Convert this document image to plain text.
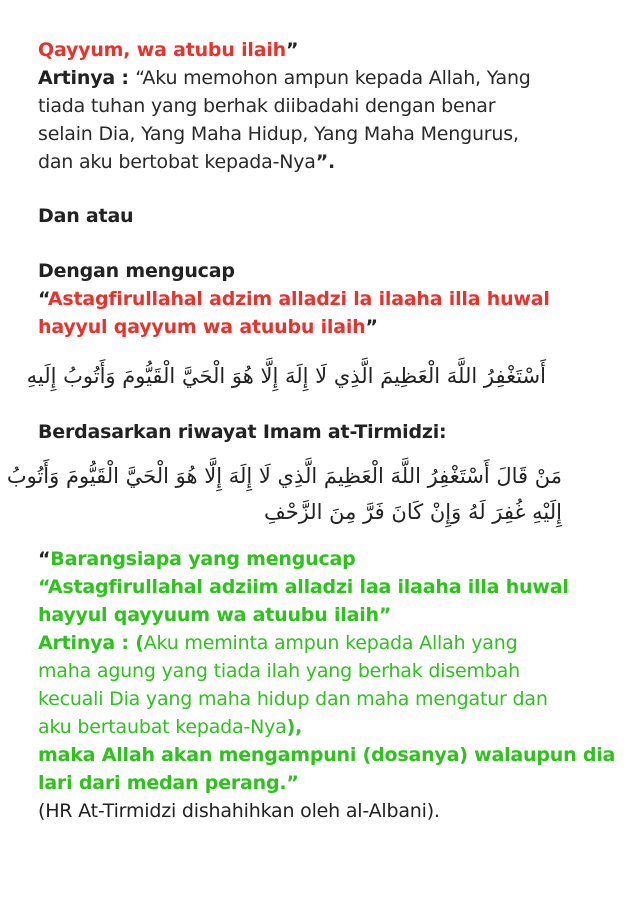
Qayyum, wa atubu ilaih”
Artinya : “Aku memohon ampun kepada Allah, Yang
tiada tuhan yang berhak diibadahi dengan benar
selain Dia, Yang Maha Hidup, Yang Maha Mengurus,
dan aku bertobat kepada-Nya”.
Dan atau
Dengan mengucap
“Astagfirullahal adzim alladzi la ilaaha illa huwal
hayyul qayyum wa atuubu ilaih”
أَسْتَغْفِرُ اللَّهَ الْعَظِيمَ الَّذِي لَا إِلَهَ إِلَّا هُوَ الْحَيَّ الْقَيُّومَ وَأَتُوبُ إِلَيهِ
Berdasarkan riwayat Imam at-Tirmidzi:
مَنْ قَالَ أَسْتَغْفِرُ اللَّهَ الْعَظِيمَ الَّذِي لَا إِلَهَ إِلَّا هُوَ الْحَيَّ الْقَيُّومَ وَأَتُوبُ
إِلَيْهِ غُفِرَ لَهُ وَإِنْ كَانَ فَرَّ مِنَ الزَّحْفِ
“Barangsiapa yang mengucap
“Astagfirullahal adziim alladzi laa ilaaha illa huwal
hayyul qayyuum wa atuubu ilaih”
Artinya : (Aku meminta ampun kepada Allah yang
maha agung yang tiada ilah yang berhak disembah
kecuali Dia yang maha hidup dan maha mengatur dan
aku bertaubat kepada-Nya),
maka Allah akan mengampuni (dosanya) walaupun dia
lari dari medan perang.”
(HR At-Tirmidzi dishahihkan oleh al-Albani).
